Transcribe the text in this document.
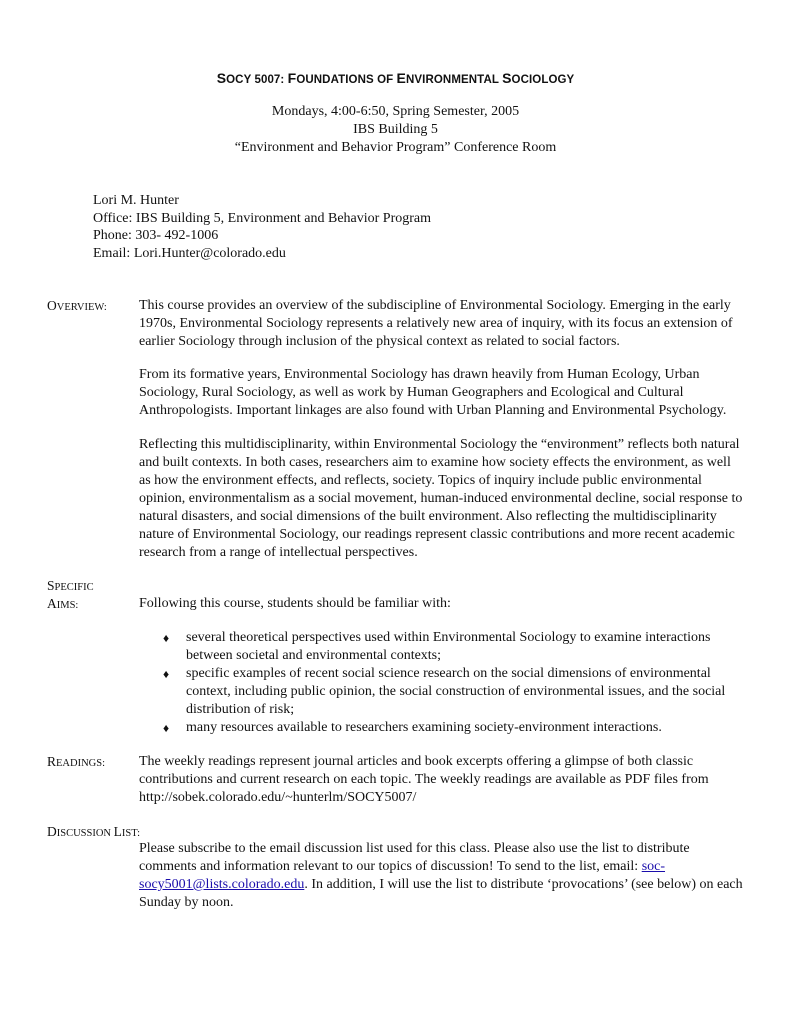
SOCY 5007: FOUNDATIONS OF ENVIRONMENTAL SOCIOLOGY
Mondays, 4:00-6:50, Spring Semester, 2005
IBS Building 5
“Environment and Behavior Program” Conference Room
Lori M. Hunter
Office: IBS Building 5, Environment and Behavior Program
Phone: 303- 492-1006
Email: Lori.Hunter@colorado.edu
OVERVIEW: This course provides an overview of the subdiscipline of Environmental Sociology. Emerging in the early 1970s, Environmental Sociology represents a relatively new area of inquiry, with its focus an extension of earlier Sociology through inclusion of the physical context as related to social factors.

From its formative years, Environmental Sociology has drawn heavily from Human Ecology, Urban Sociology, Rural Sociology, as well as work by Human Geographers and Ecological and Cultural Anthropologists. Important linkages are also found with Urban Planning and Environmental Psychology.

Reflecting this multidisciplinarity, within Environmental Sociology the “environment” reflects both natural and built contexts. In both cases, researchers aim to examine how society effects the environment, as well as how the environment effects, and reflects, society. Topics of inquiry include public environmental opinion, environmentalism as a social movement, human-induced environmental decline, social response to natural disasters, and social dimensions of the built environment. Also reflecting the multidisciplinarity nature of Environmental Sociology, our readings represent classic contributions and more recent academic research from a range of intellectual perspectives.

SPECIFIC
AIMS:	Following this course, students should be familiar with:
♦ several theoretical perspectives used within Environmental Sociology to examine interactions between societal and environmental contexts;
♦ specific examples of recent social science research on the social dimensions of environmental context, including public opinion, the social construction of environmental issues, and the social distribution of risk;
♦ many resources available to researchers examining society-environment interactions.
READINGS: The weekly readings represent journal articles and book excerpts offering a glimpse of both classic contributions and current research on each topic. The weekly readings are available as PDF files from http://sobek.colorado.edu/~hunterlm/SOCY5007/

DISCUSSION LIST:

Please subscribe to the email discussion list used for this class. Please also use the list to distribute comments and information relevant to our topics of discussion! To send to the list, email: soc-socy5001@lists.colorado.edu. In addition, I will use the list to distribute ‘provocations’ (see below) on each Sunday by noon.
